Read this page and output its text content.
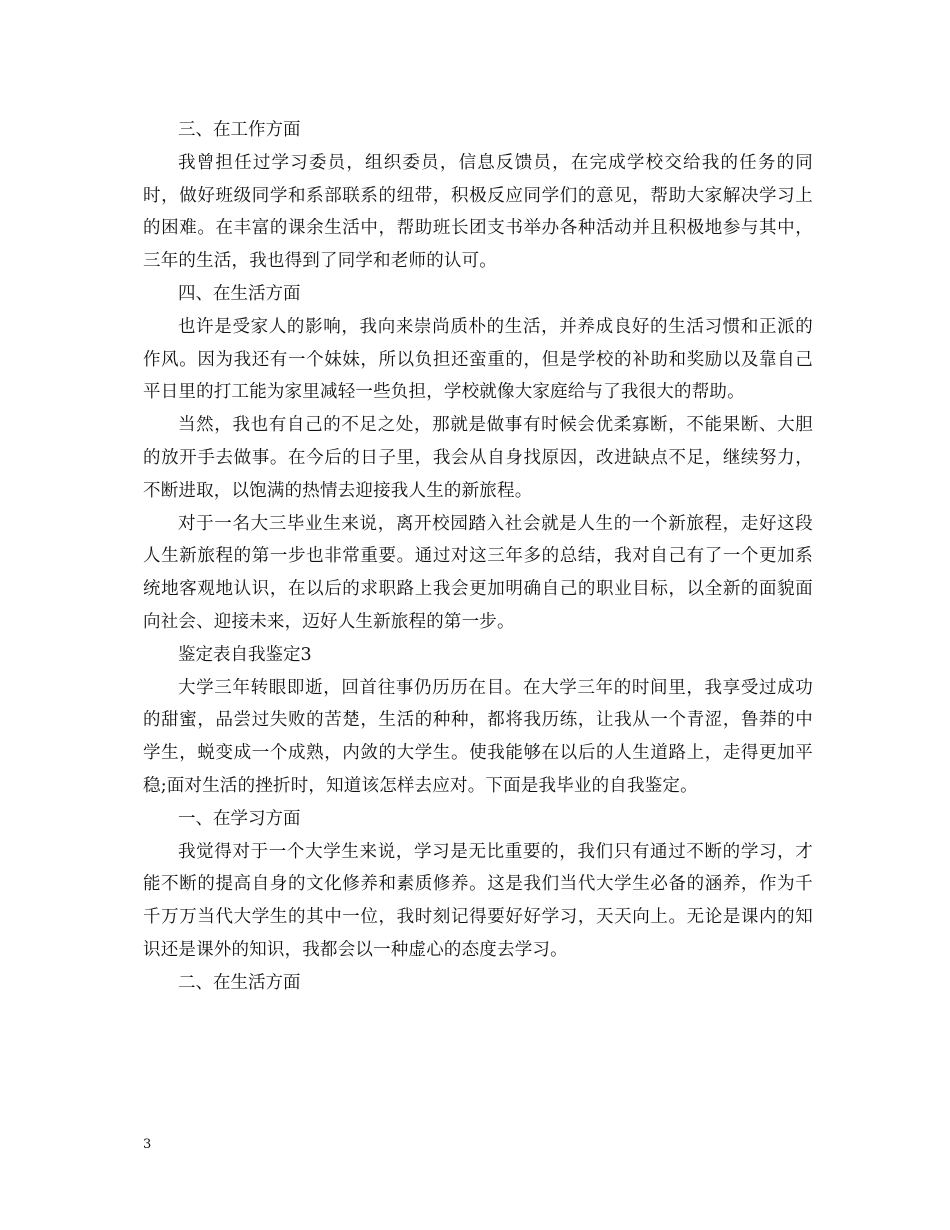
三、在工作方面

我曾担任过学习委员，组织委员，信息反馈员，在完成学校交给我的任务的同时，做好班级同学和系部联系的纽带，积极反应同学们的意见，帮助大家解决学习上的困难。在丰富的课余生活中，帮助班长团支书举办各种活动并且积极地参与其中，三年的生活，我也得到了同学和老师的认可。

四、在生活方面

也许是受家人的影响，我向来崇尚质朴的生活，并养成良好的生活习惯和正派的作风。因为我还有一个妹妹，所以负担还蛮重的，但是学校的补助和奖励以及靠自己平日里的打工能为家里减轻一些负担，学校就像大家庭给与了我很大的帮助。

当然，我也有自己的不足之处，那就是做事有时候会优柔寡断，不能果断、大胆的放开手去做事。在今后的日子里，我会从自身找原因，改进缺点不足，继续努力，不断进取，以饱满的热情去迎接我人生的新旅程。

对于一名大三毕业生来说，离开校园踏入社会就是人生的一个新旅程，走好这段人生新旅程的第一步也非常重要。通过对这三年多的总结，我对自己有了一个更加系统地客观地认识，在以后的求职路上我会更加明确自己的职业目标，以全新的面貌面向社会、迎接未来，迈好人生新旅程的第一步。

鉴定表自我鉴定3

大学三年转眼即逝，回首往事仍历历在目。在大学三年的时间里，我享受过成功的甜蜜，品尝过失败的苦楚，生活的种种，都将我历练，让我从一个青涩，鲁莽的中学生，蜕变成一个成熟，内敛的大学生。使我能够在以后的人生道路上，走得更加平稳;面对生活的挫折时，知道该怎样去应对。下面是我毕业的自我鉴定。

一、在学习方面

我觉得对于一个大学生来说，学习是无比重要的，我们只有通过不断的学习，才能不断的提高自身的文化修养和素质修养。这是我们当代大学生必备的涵养，作为千千万万当代大学生的其中一位，我时刻记得要好好学习，天天向上。无论是课内的知识还是课外的知识，我都会以一种虚心的态度去学习。

二、在生活方面

3
